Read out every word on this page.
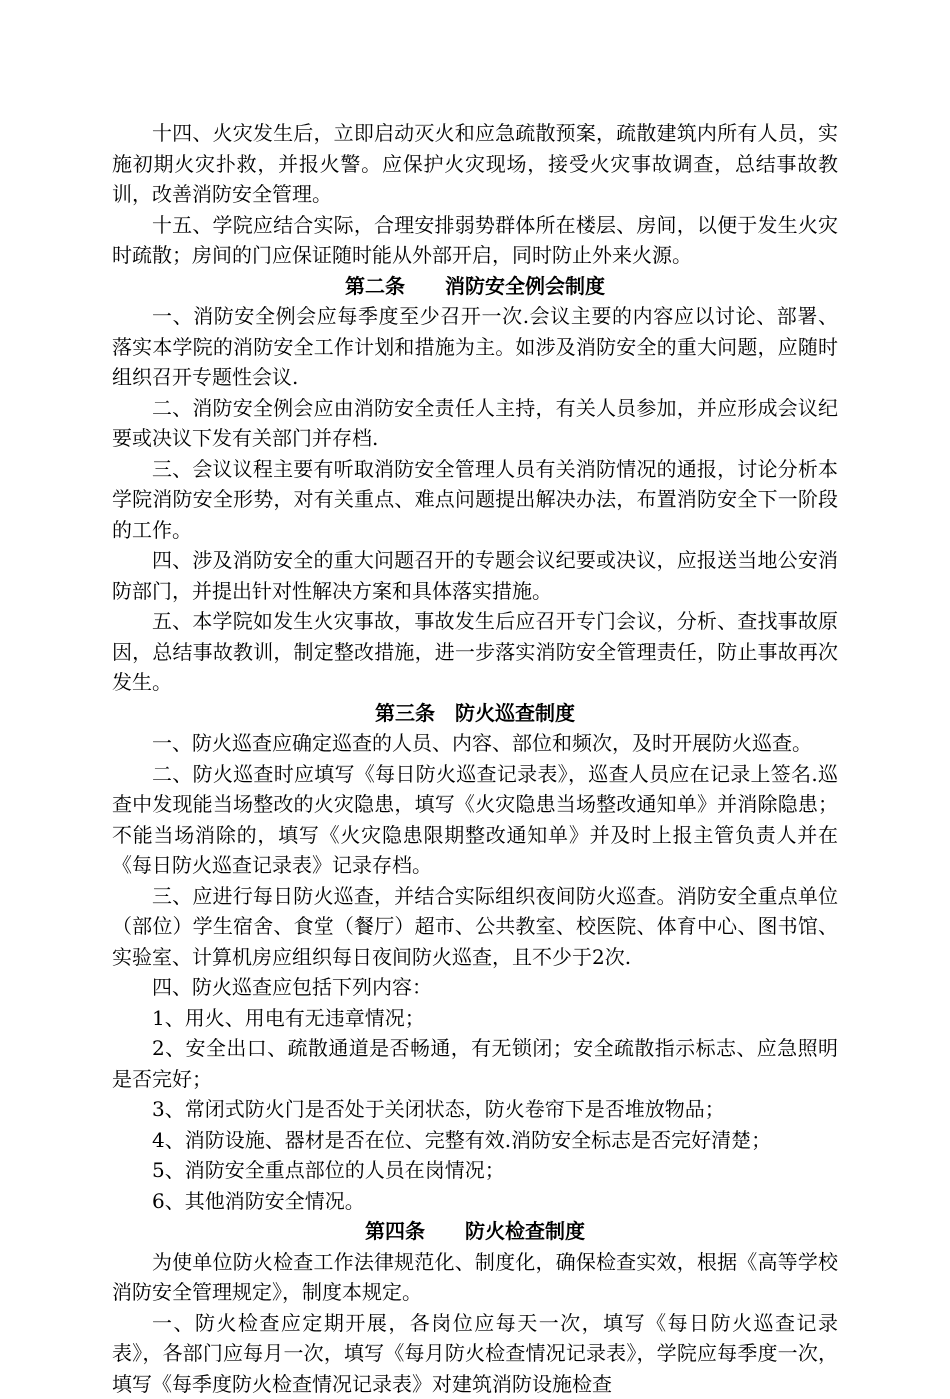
十四、火灾发生后，立即启动灭火和应急疏散预案，疏散建筑内所有人员，实施初期火灾扑救，并报火警。应保护火灾现场，接受火灾事故调查，总结事故教训，改善消防安全管理。

十五、学院应结合实际，合理安排弱势群体所在楼层、房间，以便于发生火灾时疏散；房间的门应保证随时能从外部开启，同时防止外来火源。

第二条　　消防安全例会制度

一、消防安全例会应每季度至少召开一次.会议主要的内容应以讨论、部署、落实本学院的消防安全工作计划和措施为主。如涉及消防安全的重大问题，应随时组织召开专题性会议.

二、消防安全例会应由消防安全责任人主持，有关人员参加，并应形成会议纪要或决议下发有关部门并存档.

三、会议议程主要有听取消防安全管理人员有关消防情况的通报，讨论分析本学院消防安全形势，对有关重点、难点问题提出解决办法，布置消防安全下一阶段的工作。

四、涉及消防安全的重大问题召开的专题会议纪要或决议，应报送当地公安消防部门，并提出针对性解决方案和具体落实措施。

五、本学院如发生火灾事故，事故发生后应召开专门会议，分析、查找事故原因，总结事故教训，制定整改措施，进一步落实消防安全管理责任，防止事故再次发生。

第三条　防火巡查制度

一、防火巡查应确定巡查的人员、内容、部位和频次，及时开展防火巡查。

二、防火巡查时应填写《每日防火巡查记录表》，巡查人员应在记录上签名.巡查中发现能当场整改的火灾隐患，填写《火灾隐患当场整改通知单》并消除隐患；不能当场消除的，填写《火灾隐患限期整改通知单》并及时上报主管负责人并在《每日防火巡查记录表》记录存档。

三、应进行每日防火巡查，并结合实际组织夜间防火巡查。消防安全重点单位（部位）学生宿舍、食堂（餐厅）超市、公共教室、校医院、体育中心、图书馆、实验室、计算机房应组织每日夜间防火巡查，且不少于2次.

四、防火巡查应包括下列内容：

1、用火、用电有无违章情况；

2、安全出口、疏散通道是否畅通，有无锁闭；安全疏散指示标志、应急照明是否完好；

3、常闭式防火门是否处于关闭状态，防火卷帘下是否堆放物品；

4、消防设施、器材是否在位、完整有效.消防安全标志是否完好清楚；

5、消防安全重点部位的人员在岗情况；

6、其他消防安全情况。

第四条　　防火检查制度

为使单位防火检查工作法律规范化、制度化，确保检查实效，根据《高等学校消防安全管理规定》，制度本规定。

一、防火检查应定期开展，各岗位应每天一次，填写《每日防火巡查记录表》，各部门应每月一次，填写《每月防火检查情况记录表》，学院应每季度一次，填写《每季度防火检查情况记录表》对建筑消防设施检查
